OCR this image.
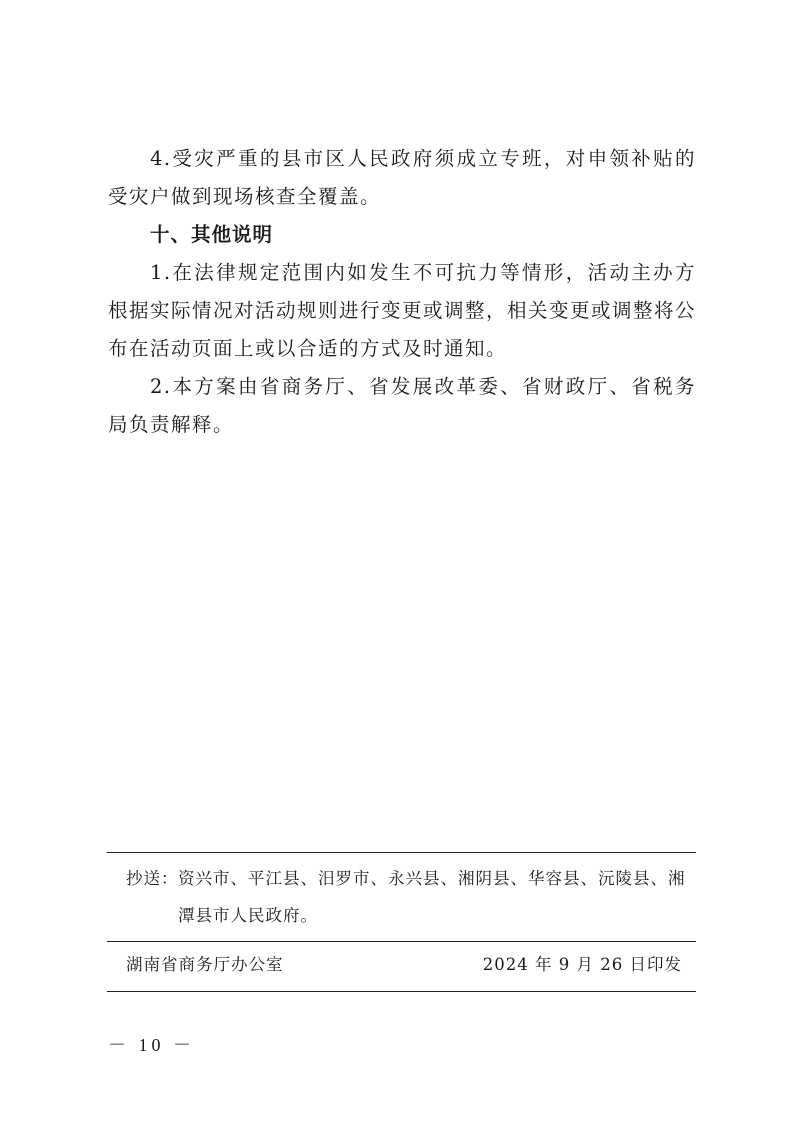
4.受灾严重的县市区人民政府须成立专班，对申领补贴的受灾户做到现场核查全覆盖。

十、其他说明

1.在法律规定范围内如发生不可抗力等情形，活动主办方根据实际情况对活动规则进行变更或调整，相关变更或调整将公布在活动页面上或以合适的方式及时通知。

2.本方案由省商务厅、省发展改革委、省财政厅、省税务局负责解释。

抄送： 资兴市、平江县、汨罗市、永兴县、湘阴县、华容县、沅陵县、湘潭县市人民政府。
湖南省商务厅办公室	2024 年 9 月 26 日印发
－ 10 －
